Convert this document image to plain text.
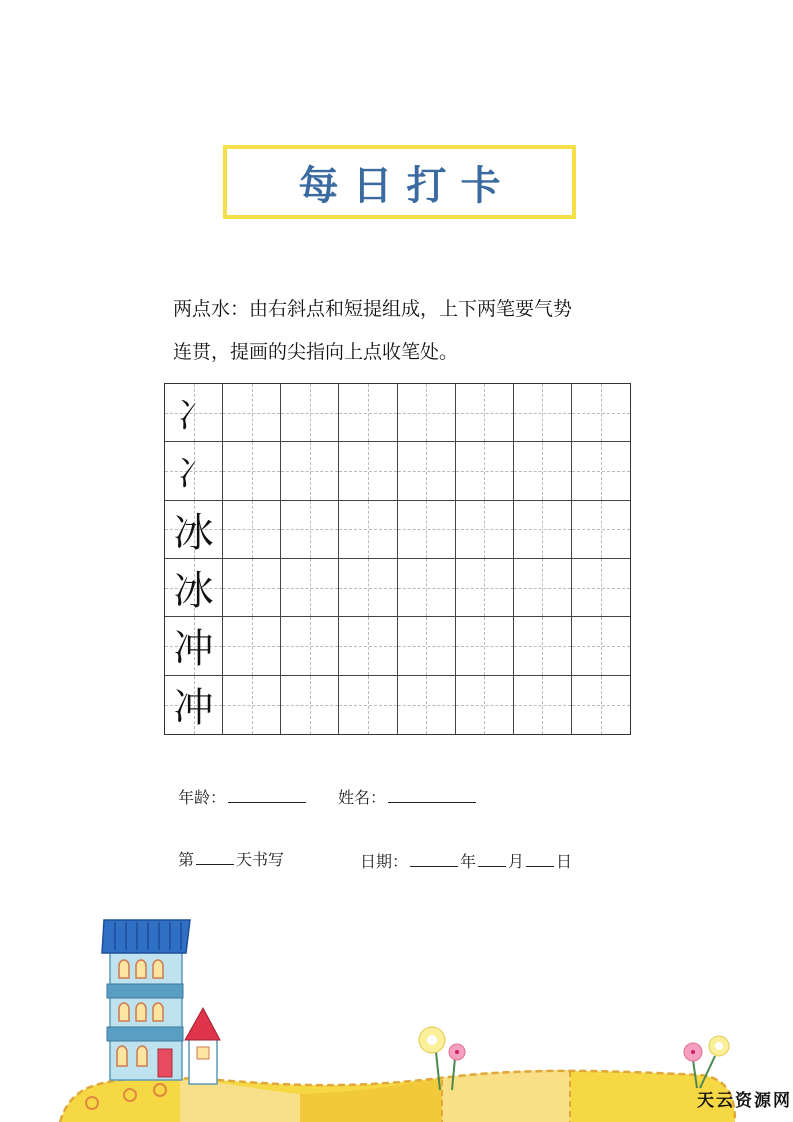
每日打卡
两点水：由右斜点和短提组成，上下两笔要气势
连贯，提画的尖指向上点收笔处。
冫
冫
冰
冰
冲
冲
年龄：	姓名：
第	天书写	日期：	年 月 日
天云资源网
